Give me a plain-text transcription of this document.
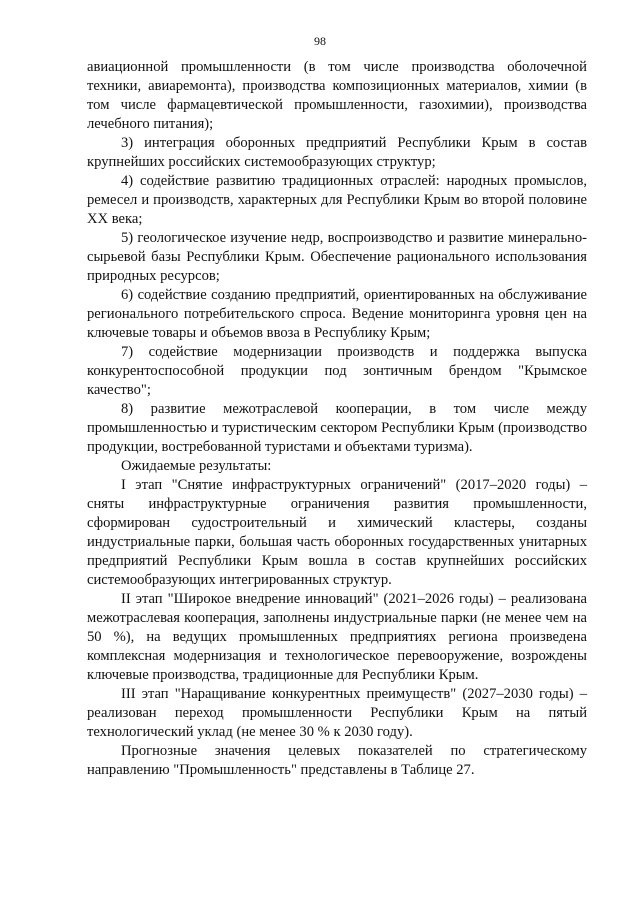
98

авиационной промышленности (в том числе производства оболочечной техники, авиаремонта), производства композиционных материалов, химии (в том числе фармацевтической промышленности, газохимии), производства лечебного питания);

3) интеграция оборонных предприятий Республики Крым в состав крупнейших российских системообразующих структур;

4) содействие развитию традиционных отраслей: народных промыслов, ремесел и производств, характерных для Республики Крым во второй половине XX века;

5) геологическое изучение недр, воспроизводство и развитие минерально-сырьевой базы Республики Крым. Обеспечение рационального использования природных ресурсов;

6) содействие созданию предприятий, ориентированных на обслуживание регионального потребительского спроса. Ведение мониторинга уровня цен на ключевые товары и объемов ввоза в Республику Крым;

7) содействие модернизации производств и поддержка выпуска конкурентоспособной продукции под зонтичным брендом "Крымское качество";

8) развитие межотраслевой кооперации, в том числе между промышленностью и туристическим сектором Республики Крым (производство продукции, востребованной туристами и объектами туризма).

Ожидаемые результаты:

I этап "Снятие инфраструктурных ограничений" (2017–2020 годы) – сняты инфраструктурные ограничения развития промышленности, сформирован судостроительный и химический кластеры, созданы индустриальные парки, большая часть оборонных государственных унитарных предприятий Республики Крым вошла в состав крупнейших российских системообразующих интегрированных структур.

II этап "Широкое внедрение инноваций" (2021–2026 годы) – реализована межотраслевая кооперация, заполнены индустриальные парки (не менее чем на 50 %), на ведущих промышленных предприятиях региона произведена комплексная модернизация и технологическое перевооружение, возрождены ключевые производства, традиционные для Республики Крым.

III этап "Наращивание конкурентных преимуществ" (2027–2030 годы) – реализован переход промышленности Республики Крым на пятый технологический уклад (не менее 30 % к 2030 году).

Прогнозные значения целевых показателей по стратегическому направлению "Промышленность" представлены в Таблице 27.
